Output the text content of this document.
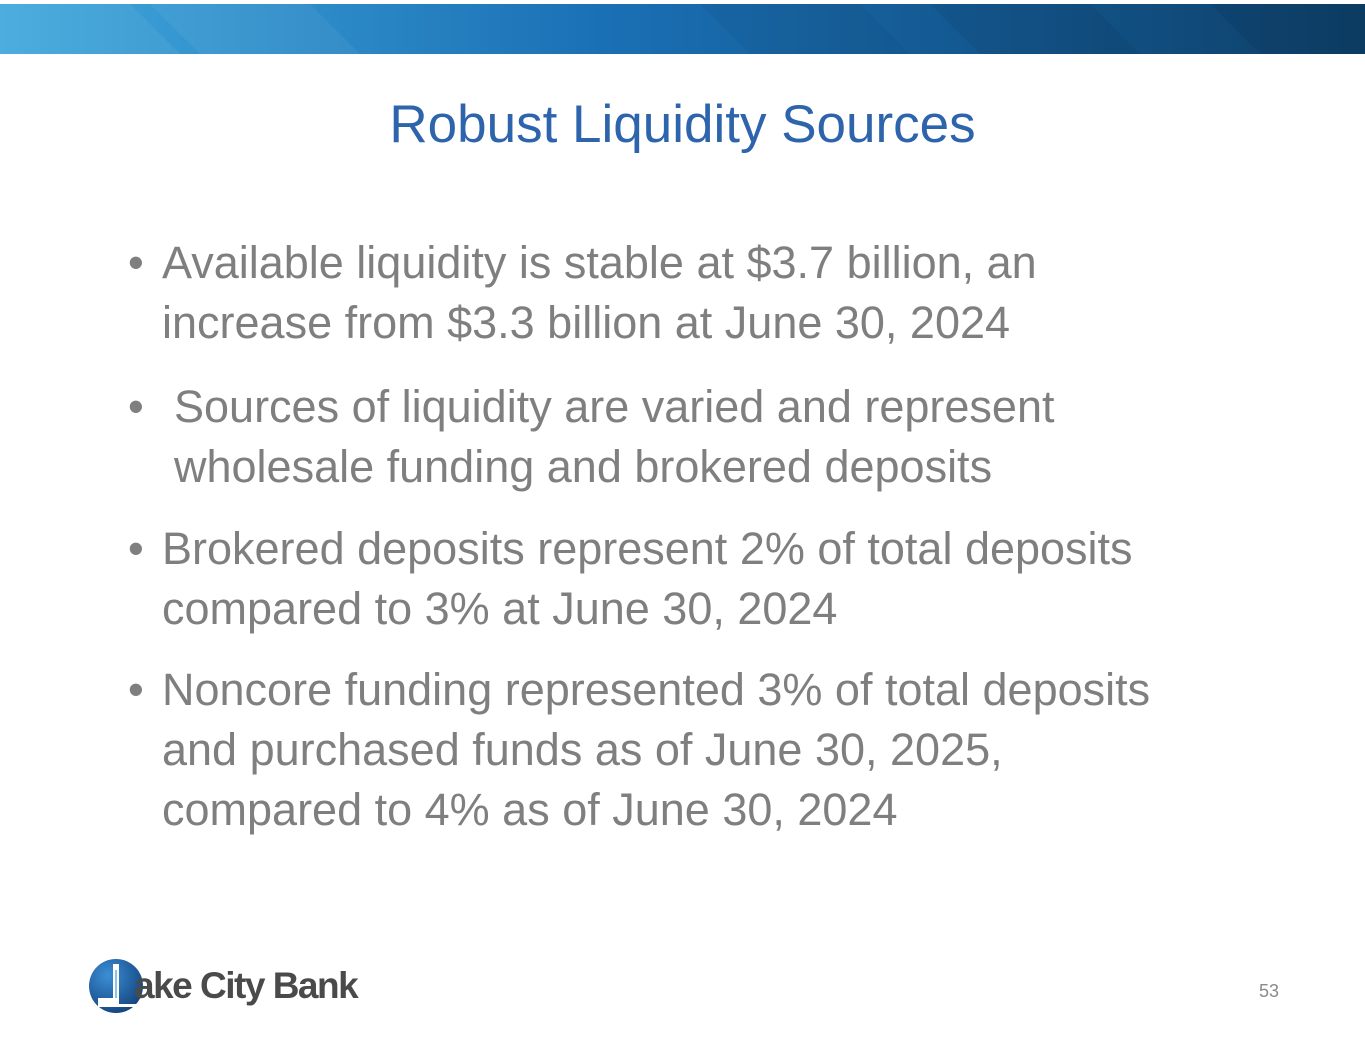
Robust Liquidity Sources
• Available liquidity is stable at $3.7 billion, an increase from $3.3 billion at June 30, 2024
• Sources of liquidity are varied and represent wholesale funding and brokered deposits
• Brokered deposits represent 2% of total deposits compared to 3% at June 30, 2024
• Noncore funding represented 3% of total deposits and purchased funds as of June 30, 2025, compared to 4% as of June 30, 2024
ake City Bank	53
